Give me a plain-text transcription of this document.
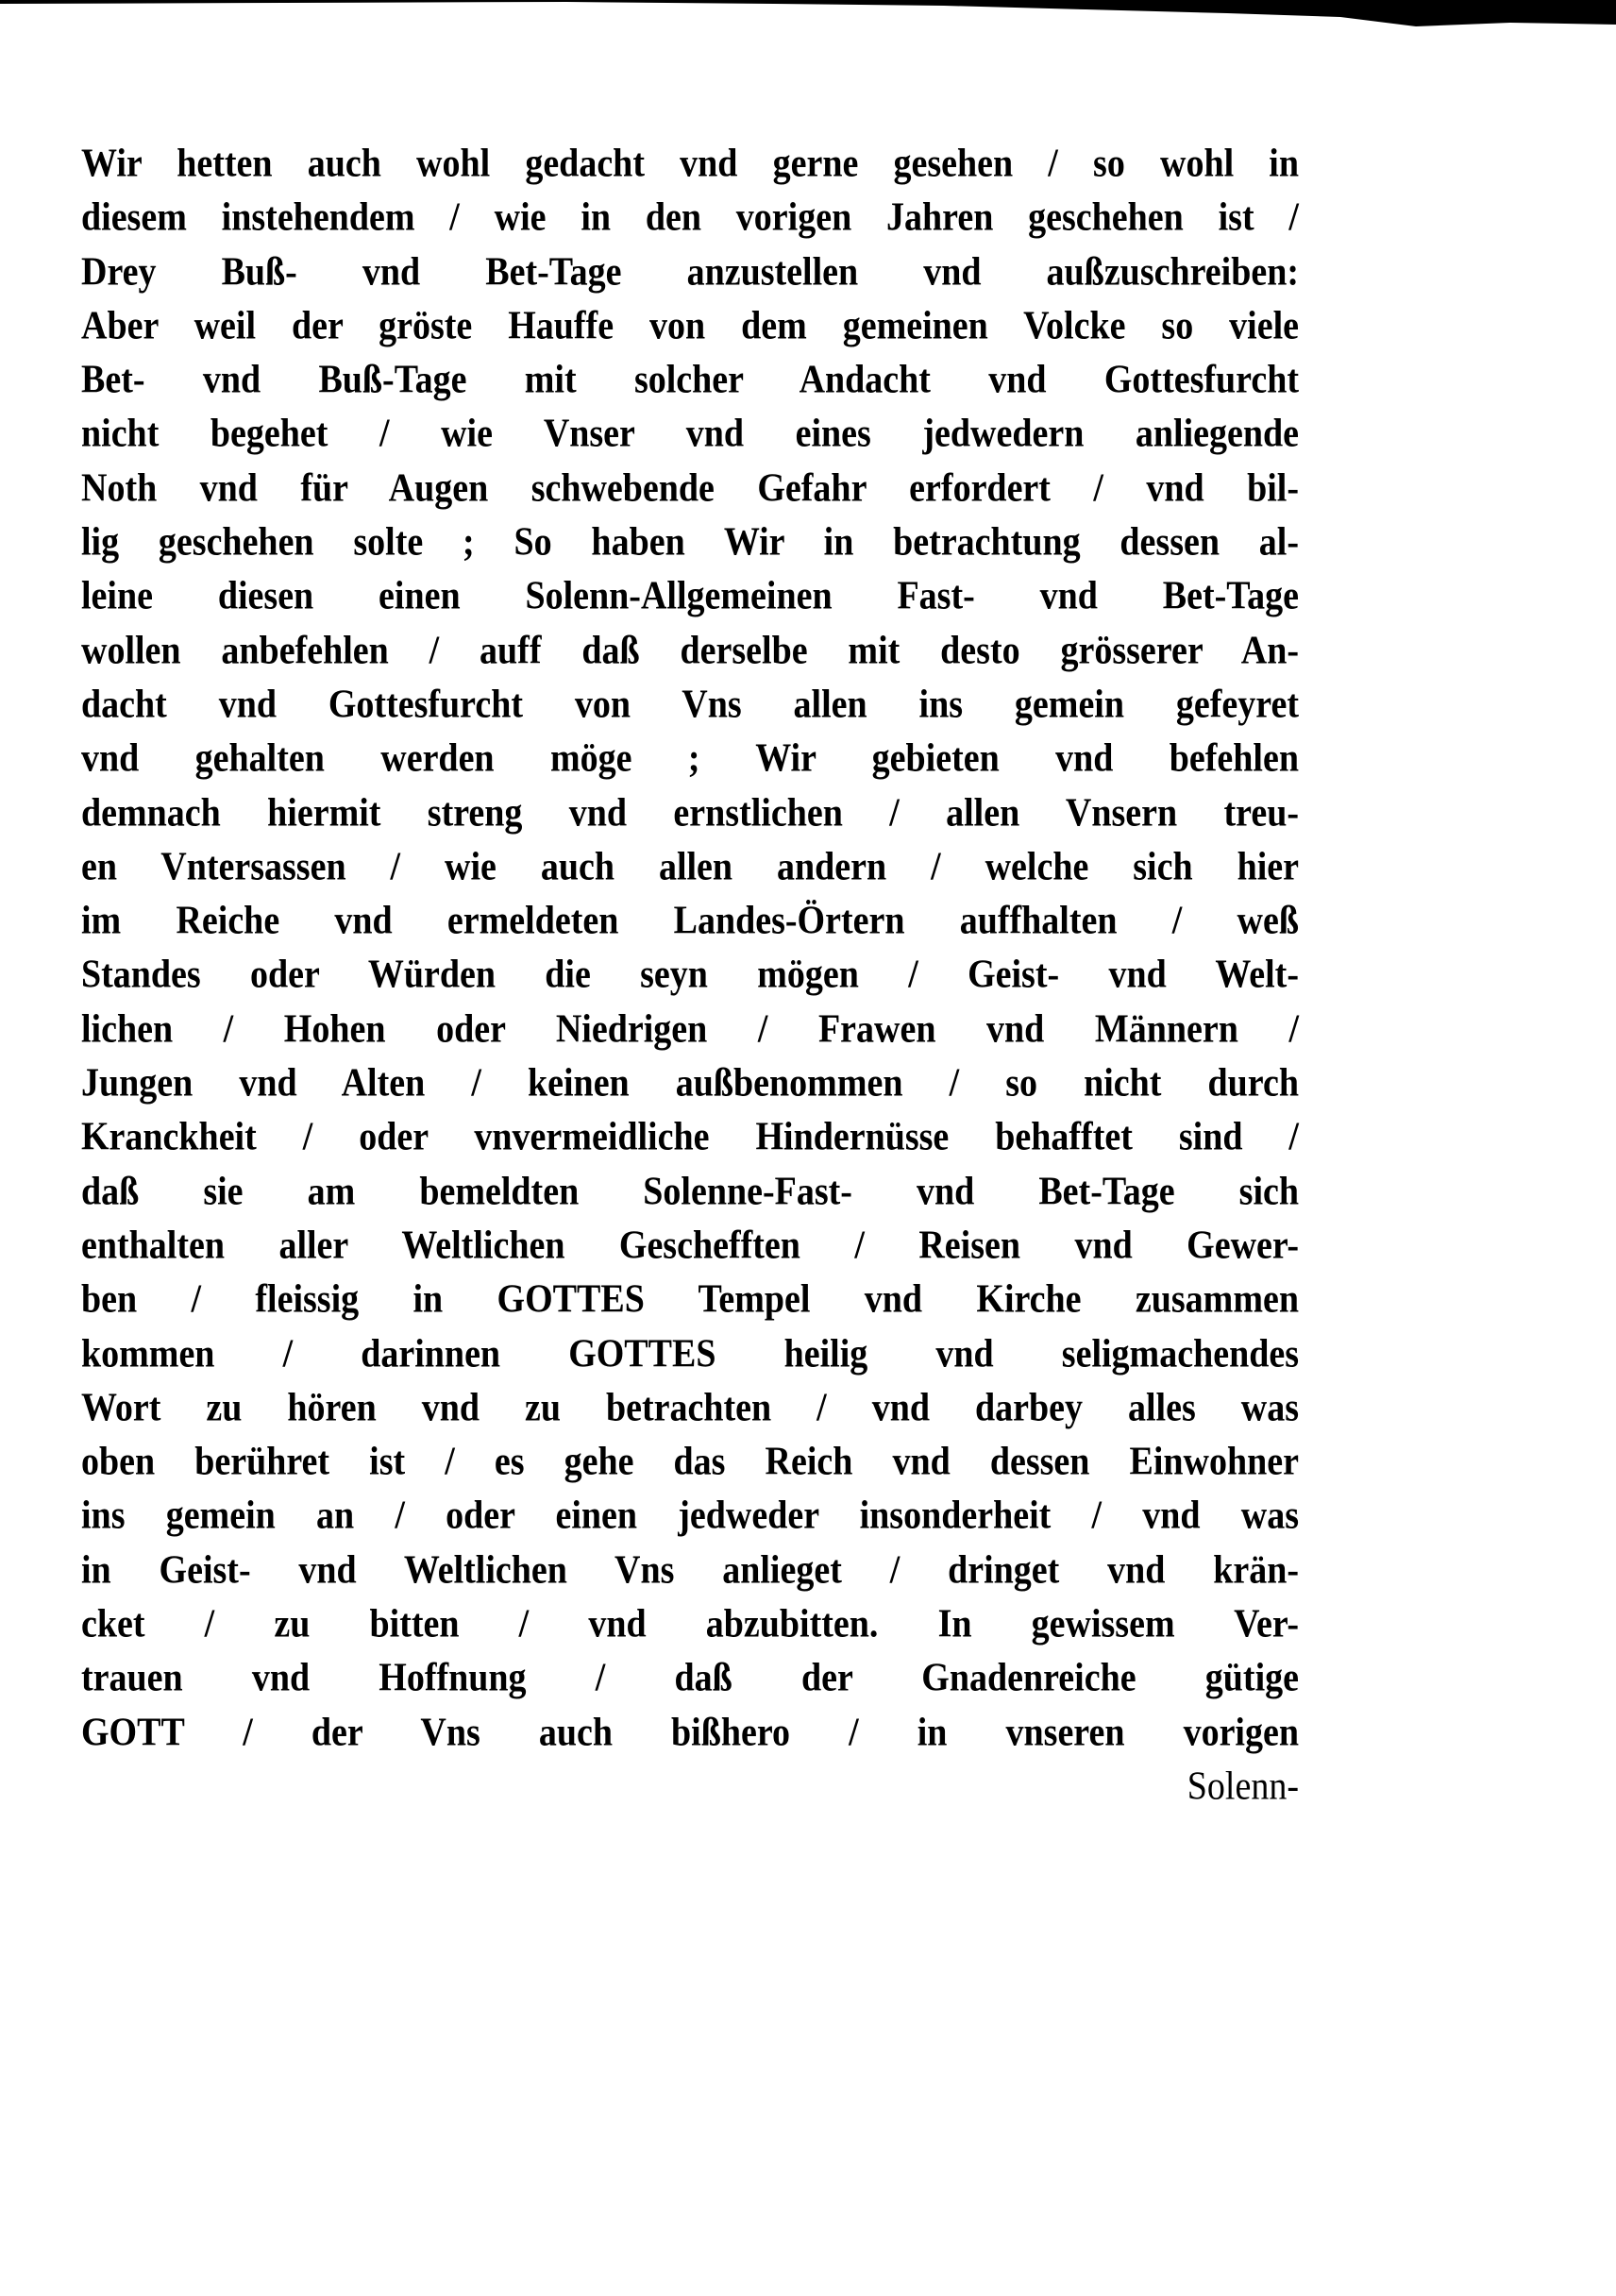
Wir hetten auch wohl gedacht vnd gerne gesehen / so wohl in
diesem instehendem / wie in den vorigen Jahren geschehen ist /
Drey Buß- vnd Bet-Tage anzustellen vnd außzuschreiben:
Aber weil der gröste Hauffe von dem gemeinen Volcke so viele
Bet- vnd Buß-Tage mit solcher Andacht vnd Gottesfurcht
nicht begehet / wie Vnser vnd eines jedwedern anliegende
Noth vnd für Augen schwebende Gefahr erfordert / vnd bil-
lig geschehen solte ; So haben Wir in betrachtung dessen al-
leine diesen einen Solenn-Allgemeinen Fast- vnd Bet-Tage
wollen anbefehlen / auff daß derselbe mit desto grösserer An-
dacht vnd Gottesfurcht von Vns allen ins gemein gefeyret
vnd gehalten werden möge ; Wir gebieten vnd befehlen
demnach hiermit streng vnd ernstlichen / allen Vnsern treu-
en Vntersassen / wie auch allen andern / welche sich hier
im Reiche vnd ermeldeten Landes-Örtern auffhalten / weß
Standes oder Würden die seyn mögen / Geist- vnd Welt-
lichen / Hohen oder Niedrigen / Frawen vnd Männern /
Jungen vnd Alten / keinen außbenommen / so nicht durch
Kranckheit / oder vnvermeidliche Hindernüsse behafftet sind /
daß sie am bemeldten Solenne-Fast- vnd Bet-Tage sich
enthalten aller Weltlichen Geschefften / Reisen vnd Gewer-
ben / fleissig in GOTTES Tempel vnd Kirche zusammen
kommen / darinnen GOTTES heilig vnd seligmachendes
Wort zu hören vnd zu betrachten / vnd darbey alles was
oben berühret ist / es gehe das Reich vnd dessen Einwohner
ins gemein an / oder einen jedweder insonderheit / vnd was
in Geist- vnd Weltlichen Vns anlieget / dringet vnd krän-
cket / zu bitten / vnd abzubitten. In gewissem Ver-
trauen vnd Hoffnung / daß der Gnadenreiche gütige
GOTT / der Vns auch bißhero / in vnseren vorigen
Solenn-
